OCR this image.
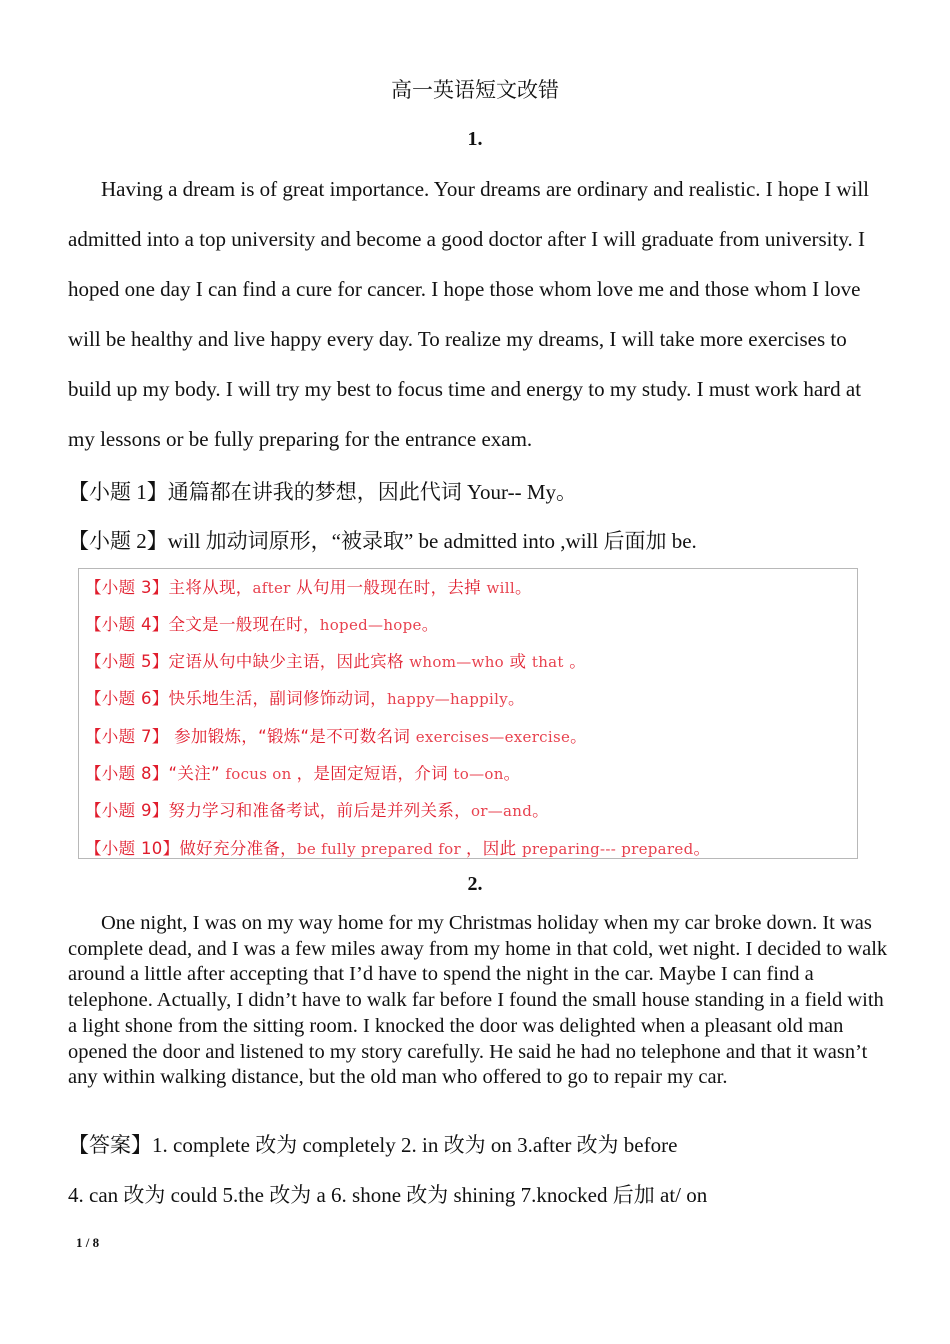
高一英语短文改错
1.

Having a dream is of great importance. Your dreams are ordinary and realistic. I hope I will admitted into a top university and become a good doctor after I will graduate from university. I hoped one day I can find a cure for cancer. I hope those whom love me and those whom I love will be healthy and live happy every day. To realize my dreams, I will take more exercises to build up my body. I will try my best to focus time and energy to my study. I must work hard at my lessons or be fully preparing for the entrance exam.

【小题 1】通篇都在讲我的梦想，因此代词 Your-- My。
【小题 2】will 加动词原形，“被录取” be admitted into ,will 后面加 be.
【小题 3】主将从现，after 从句用一般现在时，去掉 will。
【小题 4】全文是一般现在时，hoped—hope。
【小题 5】定语从句中缺少主语，因此宾格 whom—who 或 that 。
【小题 6】快乐地生活，副词修饰动词，happy—happily。
【小题 7】 参加锻炼，“锻炼“是不可数名词 exercises—exercise。
【小题 8】“关注” focus on ，是固定短语，介词 to—on。
【小题 9】努力学习和准备考试，前后是并列关系，or—and。
【小题 10】做好充分准备，be fully prepared for ，因此 preparing--- prepared。
2.

One night, I was on my way home for my Christmas holiday when my car broke down. It was complete dead, and I was a few miles away from my home in that cold, wet night. I decided to walk around a little after accepting that I’d have to spend the night in the car. Maybe I can find a telephone. Actually, I didn’t have to walk far before I found the small house standing in a field with a light shone from the sitting room. I knocked the door was delighted when a pleasant old man opened the door and listened to my story carefully. He said he had no telephone and that it wasn’t any within walking distance, but the old man who offered to go to repair my car.

【答案】1. complete 改为 completely 2. in 改为 on 3.after 改为 before
4. can 改为 could 5.the 改为 a 6. shone 改为 shining 7.knocked 后加 at/ on
1 / 8
